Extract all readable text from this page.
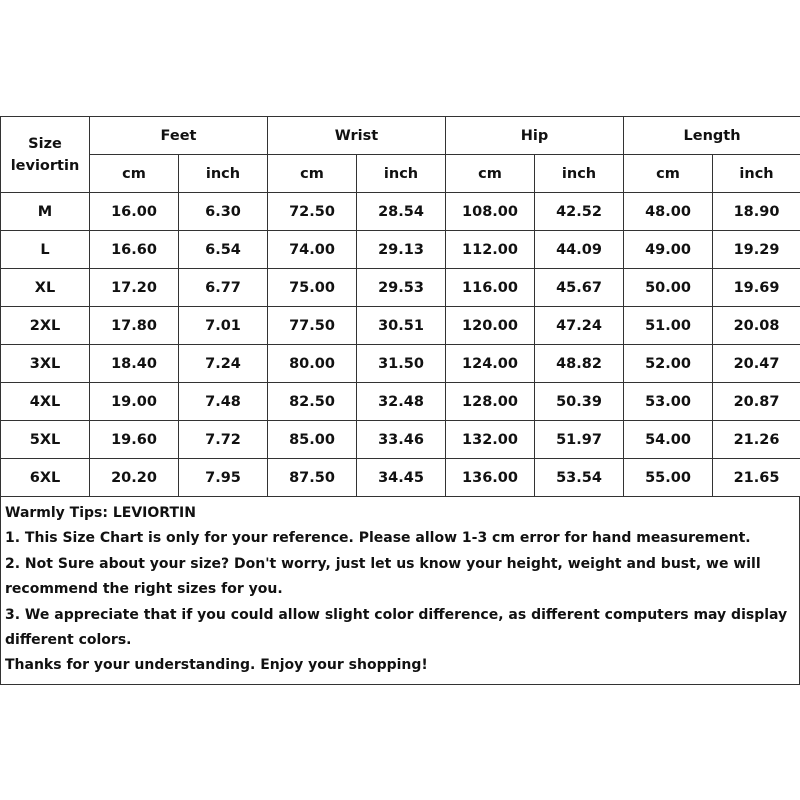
Size
leviortin	Feet		Wrist		Hip		Length	
	cm	inch	cm	inch	cm	inch	cm	inch
M	16.00	6.30	72.50	28.54	108.00	42.52	48.00	18.90
L	16.60	6.54	74.00	29.13	112.00	44.09	49.00	19.29
XL	17.20	6.77	75.00	29.53	116.00	45.67	50.00	19.69
2XL	17.80	7.01	77.50	30.51	120.00	47.24	51.00	20.08
3XL	18.40	7.24	80.00	31.50	124.00	48.82	52.00	20.47
4XL	19.00	7.48	82.50	32.48	128.00	50.39	53.00	20.87
5XL	19.60	7.72	85.00	33.46	132.00	51.97	54.00	21.26
6XL	20.20	7.95	87.50	34.45	136.00	53.54	55.00	21.65
Warmly Tips: LEVIORTIN
1. This Size Chart is only for your reference. Please allow 1-3 cm error for hand measurement.
2. Not Sure about your size? Don't worry, just let us know your height, weight and bust, we will recommend the right sizes for you.
3. We appreciate that if you could allow slight color difference, as different computers may display different colors.
Thanks for your understanding. Enjoy your shopping!
